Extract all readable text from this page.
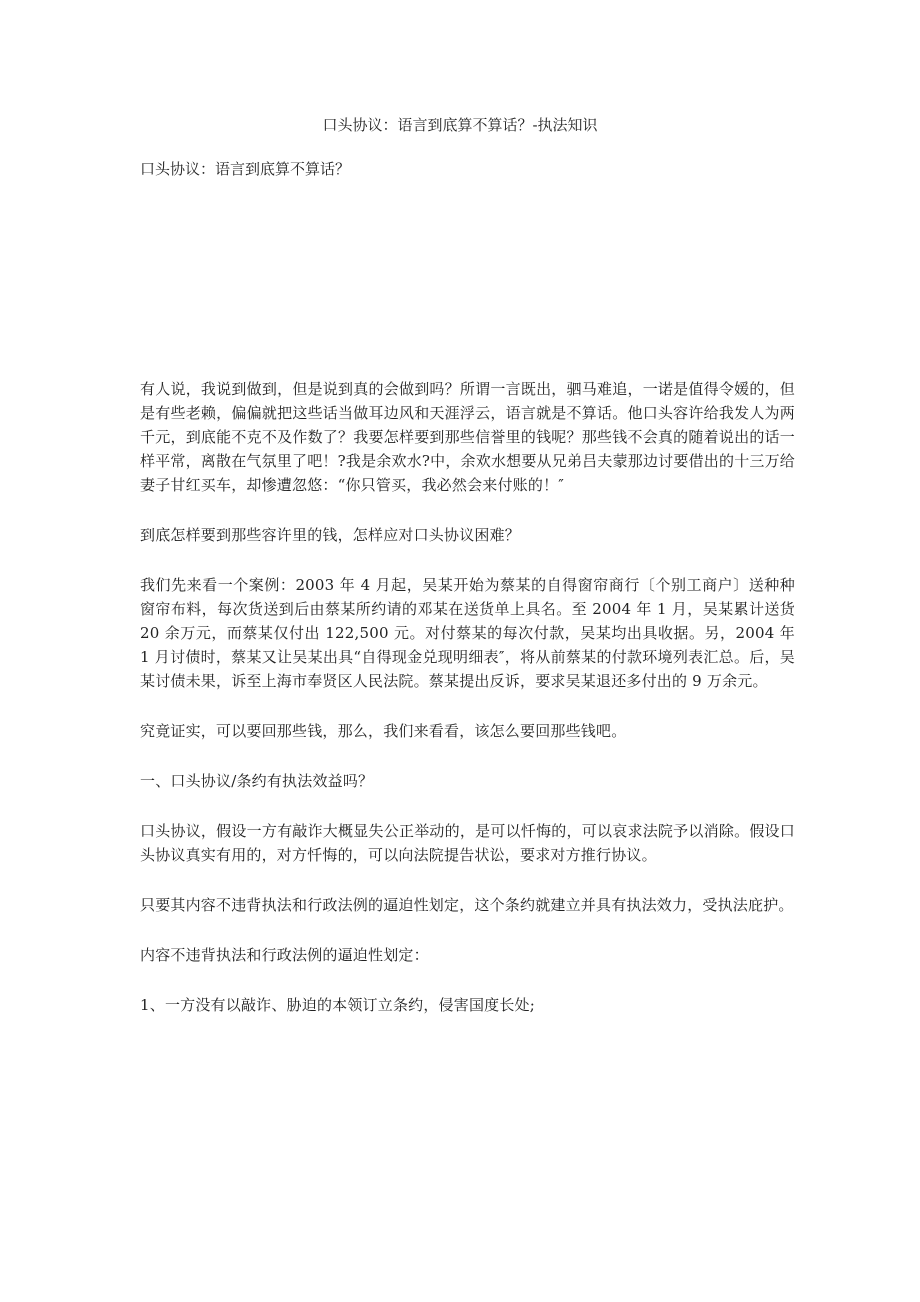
口头协议：语言到底算不算话？-执法知识
口头协议：语言到底算不算话？

有人说，我说到做到，但是说到真的会做到吗？所谓一言既出，驷马难追，一诺是值得令媛的，但是有些老赖，偏偏就把这些话当做耳边风和天涯浮云，语言就是不算话。他口头容许给我发人为两千元，到底能不克不及作数了？我要怎样要到那些信誉里的钱呢？那些钱不会真的随着说出的话一样平常，离散在气氛里了吧！?我是余欢水?中，余欢水想要从兄弟吕夫蒙那边讨要借出的十三万给妻子甘红买车，却惨遭忽悠：“你只管买，我必然会来付账的！″

到底怎样要到那些容许里的钱，怎样应对口头协议困难？

我们先来看一个案例：2003 年 4 月起，吴某开始为蔡某的自得窗帘商行〔个别工商户〕送种种窗帘布料，每次货送到后由蔡某所约请的邓某在送货单上具名。至 2004 年 1 月，吴某累计送货 20 余万元，而蔡某仅付出 122,500 元。对付蔡某的每次付款，吴某均出具收据。另，2004 年 1 月讨债时，蔡某又让吴某出具“自得现金兑现明细表″，将从前蔡某的付款环境列表汇总。后，吴某讨债未果，诉至上海市奉贤区人民法院。蔡某提出反诉，要求吴某退还多付出的 9 万余元。

究竟证实，可以要回那些钱，那么，我们来看看，该怎么要回那些钱吧。

一、口头协议/条约有执法效益吗？

口头协议，假设一方有敲诈大概显失公正举动的，是可以忏悔的，可以哀求法院予以消除。假设口头协议真实有用的，对方忏悔的，可以向法院提告状讼，要求对方推行协议。

只要其内容不违背执法和行政法例的逼迫性划定，这个条约就建立并具有执法效力，受执法庇护。

内容不违背执法和行政法例的逼迫性划定：

1、一方没有以敲诈、胁迫的本领订立条约，侵害国度长处;
